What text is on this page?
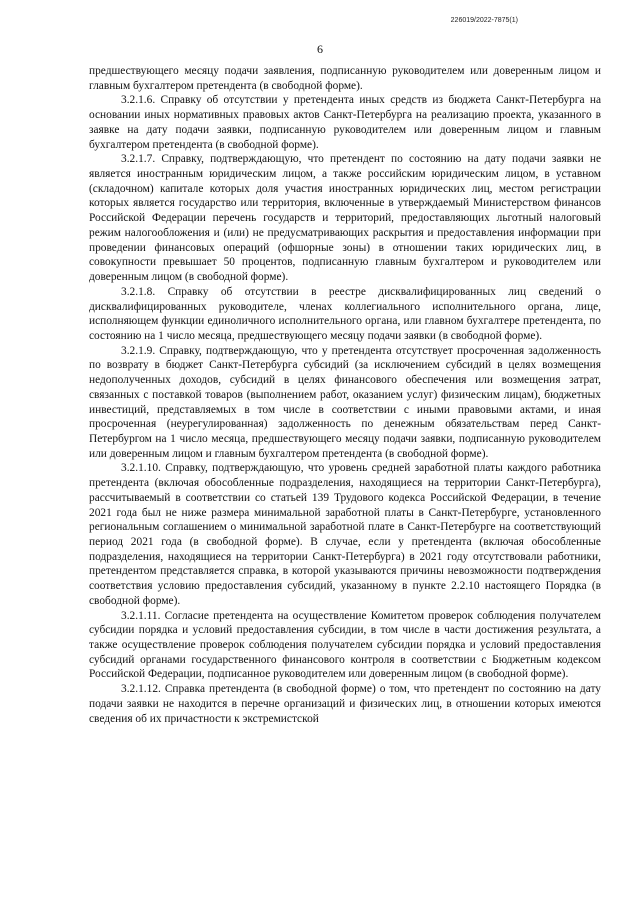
226019/2022-7875(1)
6

предшествующего месяцу подачи заявления, подписанную руководителем или доверенным лицом и главным бухгалтером претендента (в свободной форме).

3.2.1.6. Справку об отсутствии у претендента иных средств из бюджета Санкт-Петербурга на основании иных нормативных правовых актов Санкт-Петербурга на реализацию проекта, указанного в заявке на дату подачи заявки, подписанную руководителем или доверенным лицом и главным бухгалтером претендента (в свободной форме).

3.2.1.7. Справку, подтверждающую, что претендент по состоянию на дату подачи заявки не является иностранным юридическим лицом, а также российским юридическим лицом, в уставном (складочном) капитале которых доля участия иностранных юридических лиц, местом регистрации которых является государство или территория, включенные в утверждаемый Министерством финансов Российской Федерации перечень государств и территорий, предоставляющих льготный налоговый режим налогообложения и (или) не предусматривающих раскрытия и предоставления информации при проведении финансовых операций (офшорные зоны) в отношении таких юридических лиц, в совокупности превышает 50 процентов, подписанную главным бухгалтером и руководителем или доверенным лицом (в свободной форме).

3.2.1.8. Справку об отсутствии в реестре дисквалифицированных лиц сведений о дисквалифицированных руководителе, членах коллегиального исполнительного органа, лице, исполняющем функции единоличного исполнительного органа, или главном бухгалтере претендента, по состоянию на 1 число месяца, предшествующего месяцу подачи заявки (в свободной форме).

3.2.1.9. Справку, подтверждающую, что у претендента отсутствует просроченная задолженность по возврату в бюджет Санкт-Петербурга субсидий (за исключением субсидий в целях возмещения недополученных доходов, субсидий в целях финансового обеспечения или возмещения затрат, связанных с поставкой товаров (выполнением работ, оказанием услуг) физическим лицам), бюджетных инвестиций, представляемых в том числе в соответствии с иными правовыми актами, и иная просроченная (неурегулированная) задолженность по денежным обязательствам перед Санкт-Петербургом на 1 число месяца, предшествующего месяцу подачи заявки, подписанную руководителем или доверенным лицом и главным бухгалтером претендента (в свободной форме).

3.2.1.10. Справку, подтверждающую, что уровень средней заработной платы каждого работника претендента (включая обособленные подразделения, находящиеся на территории Санкт-Петербурга), рассчитываемый в соответствии со статьей 139 Трудового кодекса Российской Федерации, в течение 2021 года был не ниже размера минимальной заработной платы в Санкт-Петербурге, установленного региональным соглашением о минимальной заработной плате в Санкт-Петербурге на соответствующий период 2021 года (в свободной форме). В случае, если у претендента (включая обособленные подразделения, находящиеся на территории Санкт-Петербурга) в 2021 году отсутствовали работники, претендентом представляется справка, в которой указываются причины невозможности подтверждения соответствия условию предоставления субсидий, указанному в пункте 2.2.10 настоящего Порядка (в свободной форме).

3.2.1.11. Согласие претендента на осуществление Комитетом проверок соблюдения получателем субсидии порядка и условий предоставления субсидии, в том числе в части достижения результата, а также осуществление проверок соблюдения получателем субсидии порядка и условий предоставления субсидий органами государственного финансового контроля в соответствии с Бюджетным кодексом Российской Федерации, подписанное руководителем или доверенным лицом (в свободной форме).

3.2.1.12. Справка претендента (в свободной форме) о том, что претендент по состоянию на дату подачи заявки не находится в перечне организаций и физических лиц, в отношении которых имеются сведения об их причастности к экстремистской
